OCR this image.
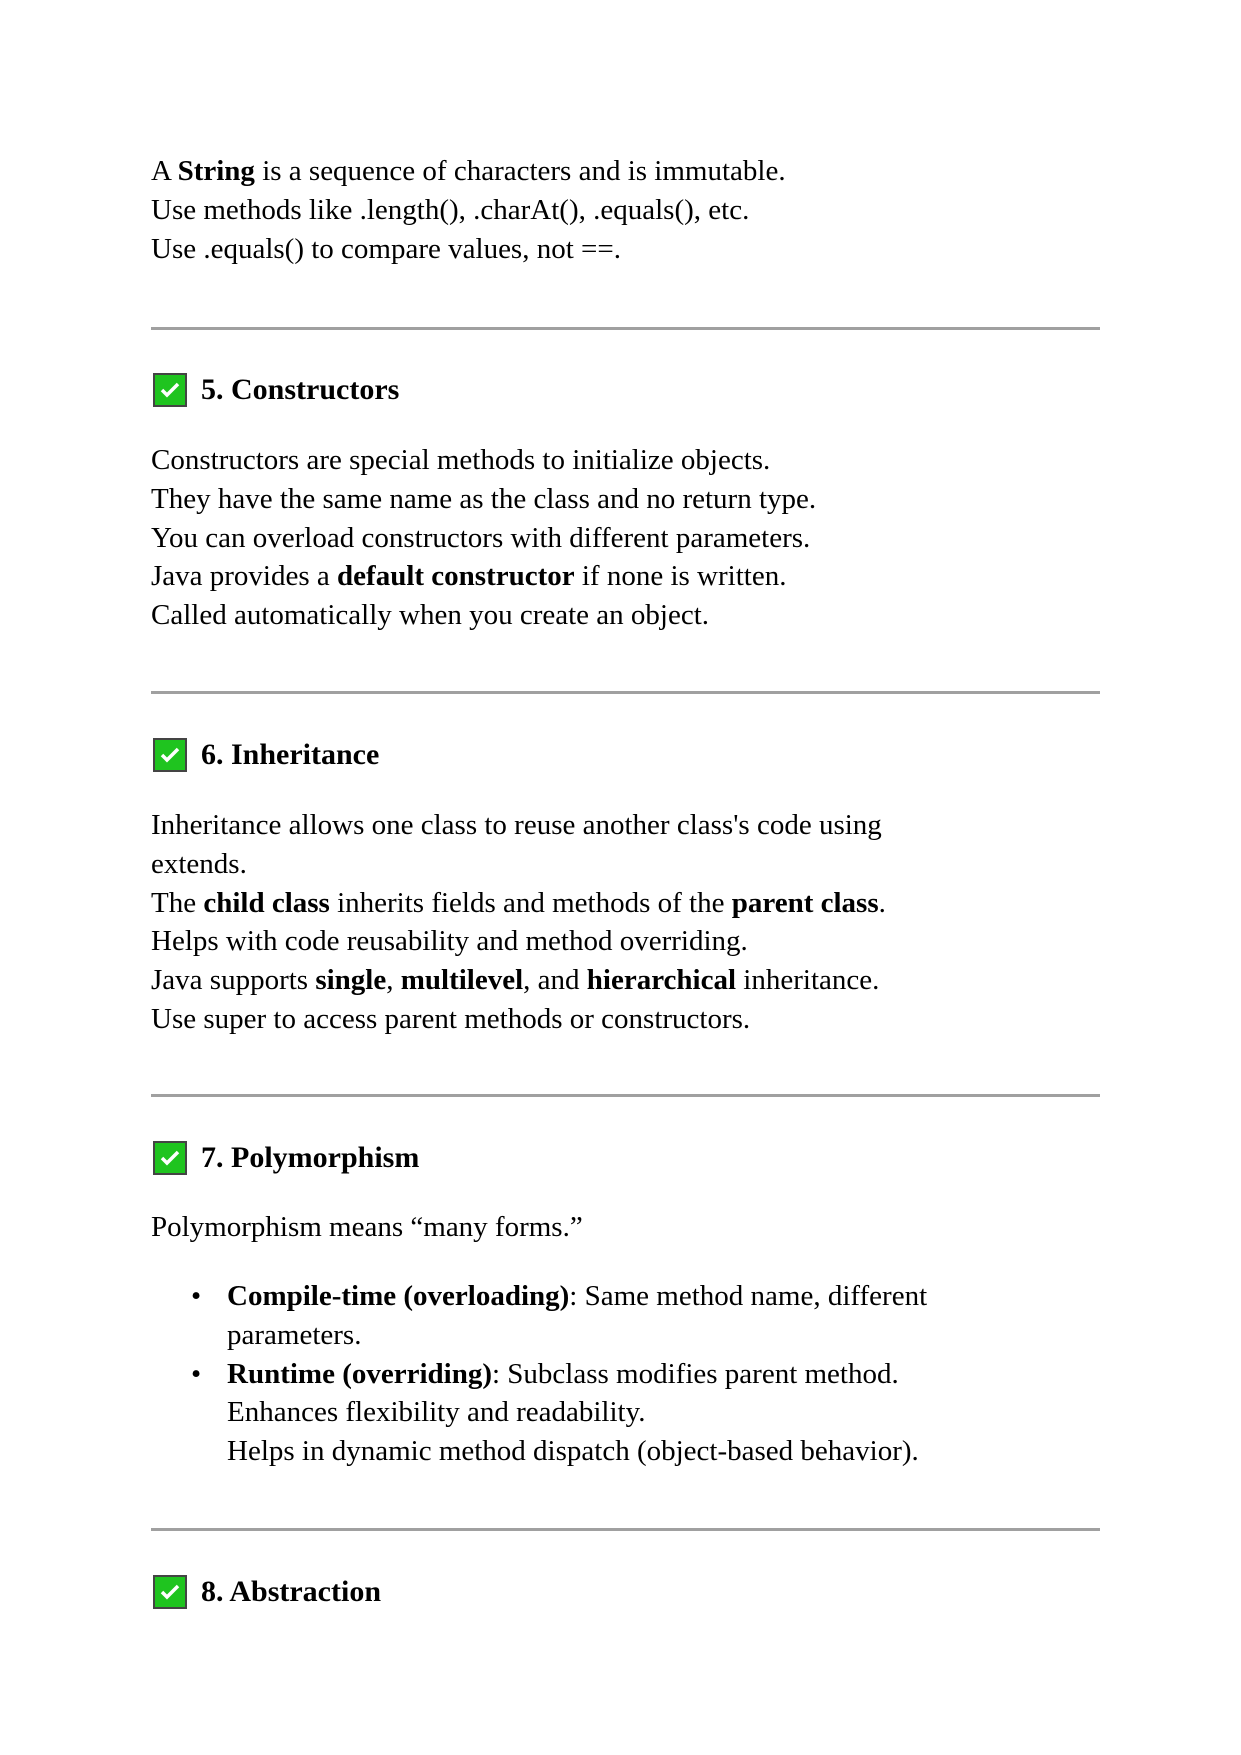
A String is a sequence of characters and is immutable.
Use methods like .length(), .charAt(), .equals(), etc.
Use .equals() to compare values, not ==.
5. Constructors
Constructors are special methods to initialize objects.
They have the same name as the class and no return type.
You can overload constructors with different parameters.
Java provides a default constructor if none is written.
Called automatically when you create an object.
6. Inheritance
Inheritance allows one class to reuse another class's code using
extends.
The child class inherits fields and methods of the parent class.
Helps with code reusability and method overriding.
Java supports single, multilevel, and hierarchical inheritance.
Use super to access parent methods or constructors.
7. Polymorphism
Polymorphism means “many forms.”
• Compile-time (overloading): Same method name, different
parameters.
• Runtime (overriding): Subclass modifies parent method.
Enhances flexibility and readability.
Helps in dynamic method dispatch (object-based behavior).
8. Abstraction
